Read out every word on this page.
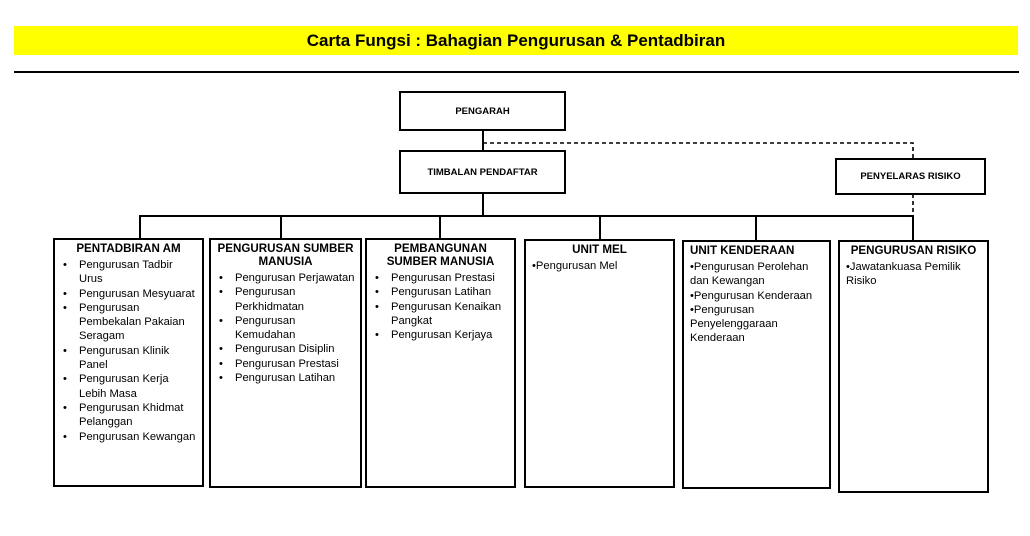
Carta Fungsi : Bahagian Pengurusan & Pentadbiran
PENGARAH
TIMBALAN PENDAFTAR	PENYELARAS RISIKO
PENTADBIRAN AM
• Pengurusan Tadbir Urus
• Pengurusan Mesyuarat
• Pengurusan Pembekalan Pakaian Seragam
• Pengurusan Klinik Panel
• Pengurusan Kerja Lebih Masa
• Pengurusan Khidmat Pelanggan
• Pengurusan Kewangan
PENGURUSAN SUMBER MANUSIA
• Pengurusan Perjawatan
• Pengurusan Perkhidmatan
• Pengurusan Kemudahan
• Pengurusan Disiplin
• Pengurusan Prestasi
• Pengurusan Latihan
PEMBANGUNAN SUMBER MANUSIA
• Pengurusan Prestasi
• Pengurusan Latihan
• Pengurusan Kenaikan Pangkat
• Pengurusan Kerjaya
UNIT MEL
• Pengurusan Mel
UNIT KENDERAAN
• Pengurusan Perolehan dan Kewangan
• Pengurusan Kenderaan
• Pengurusan Penyelenggaraan Kenderaan
PENGURUSAN RISIKO
• Jawatankuasa Pemilik Risiko
